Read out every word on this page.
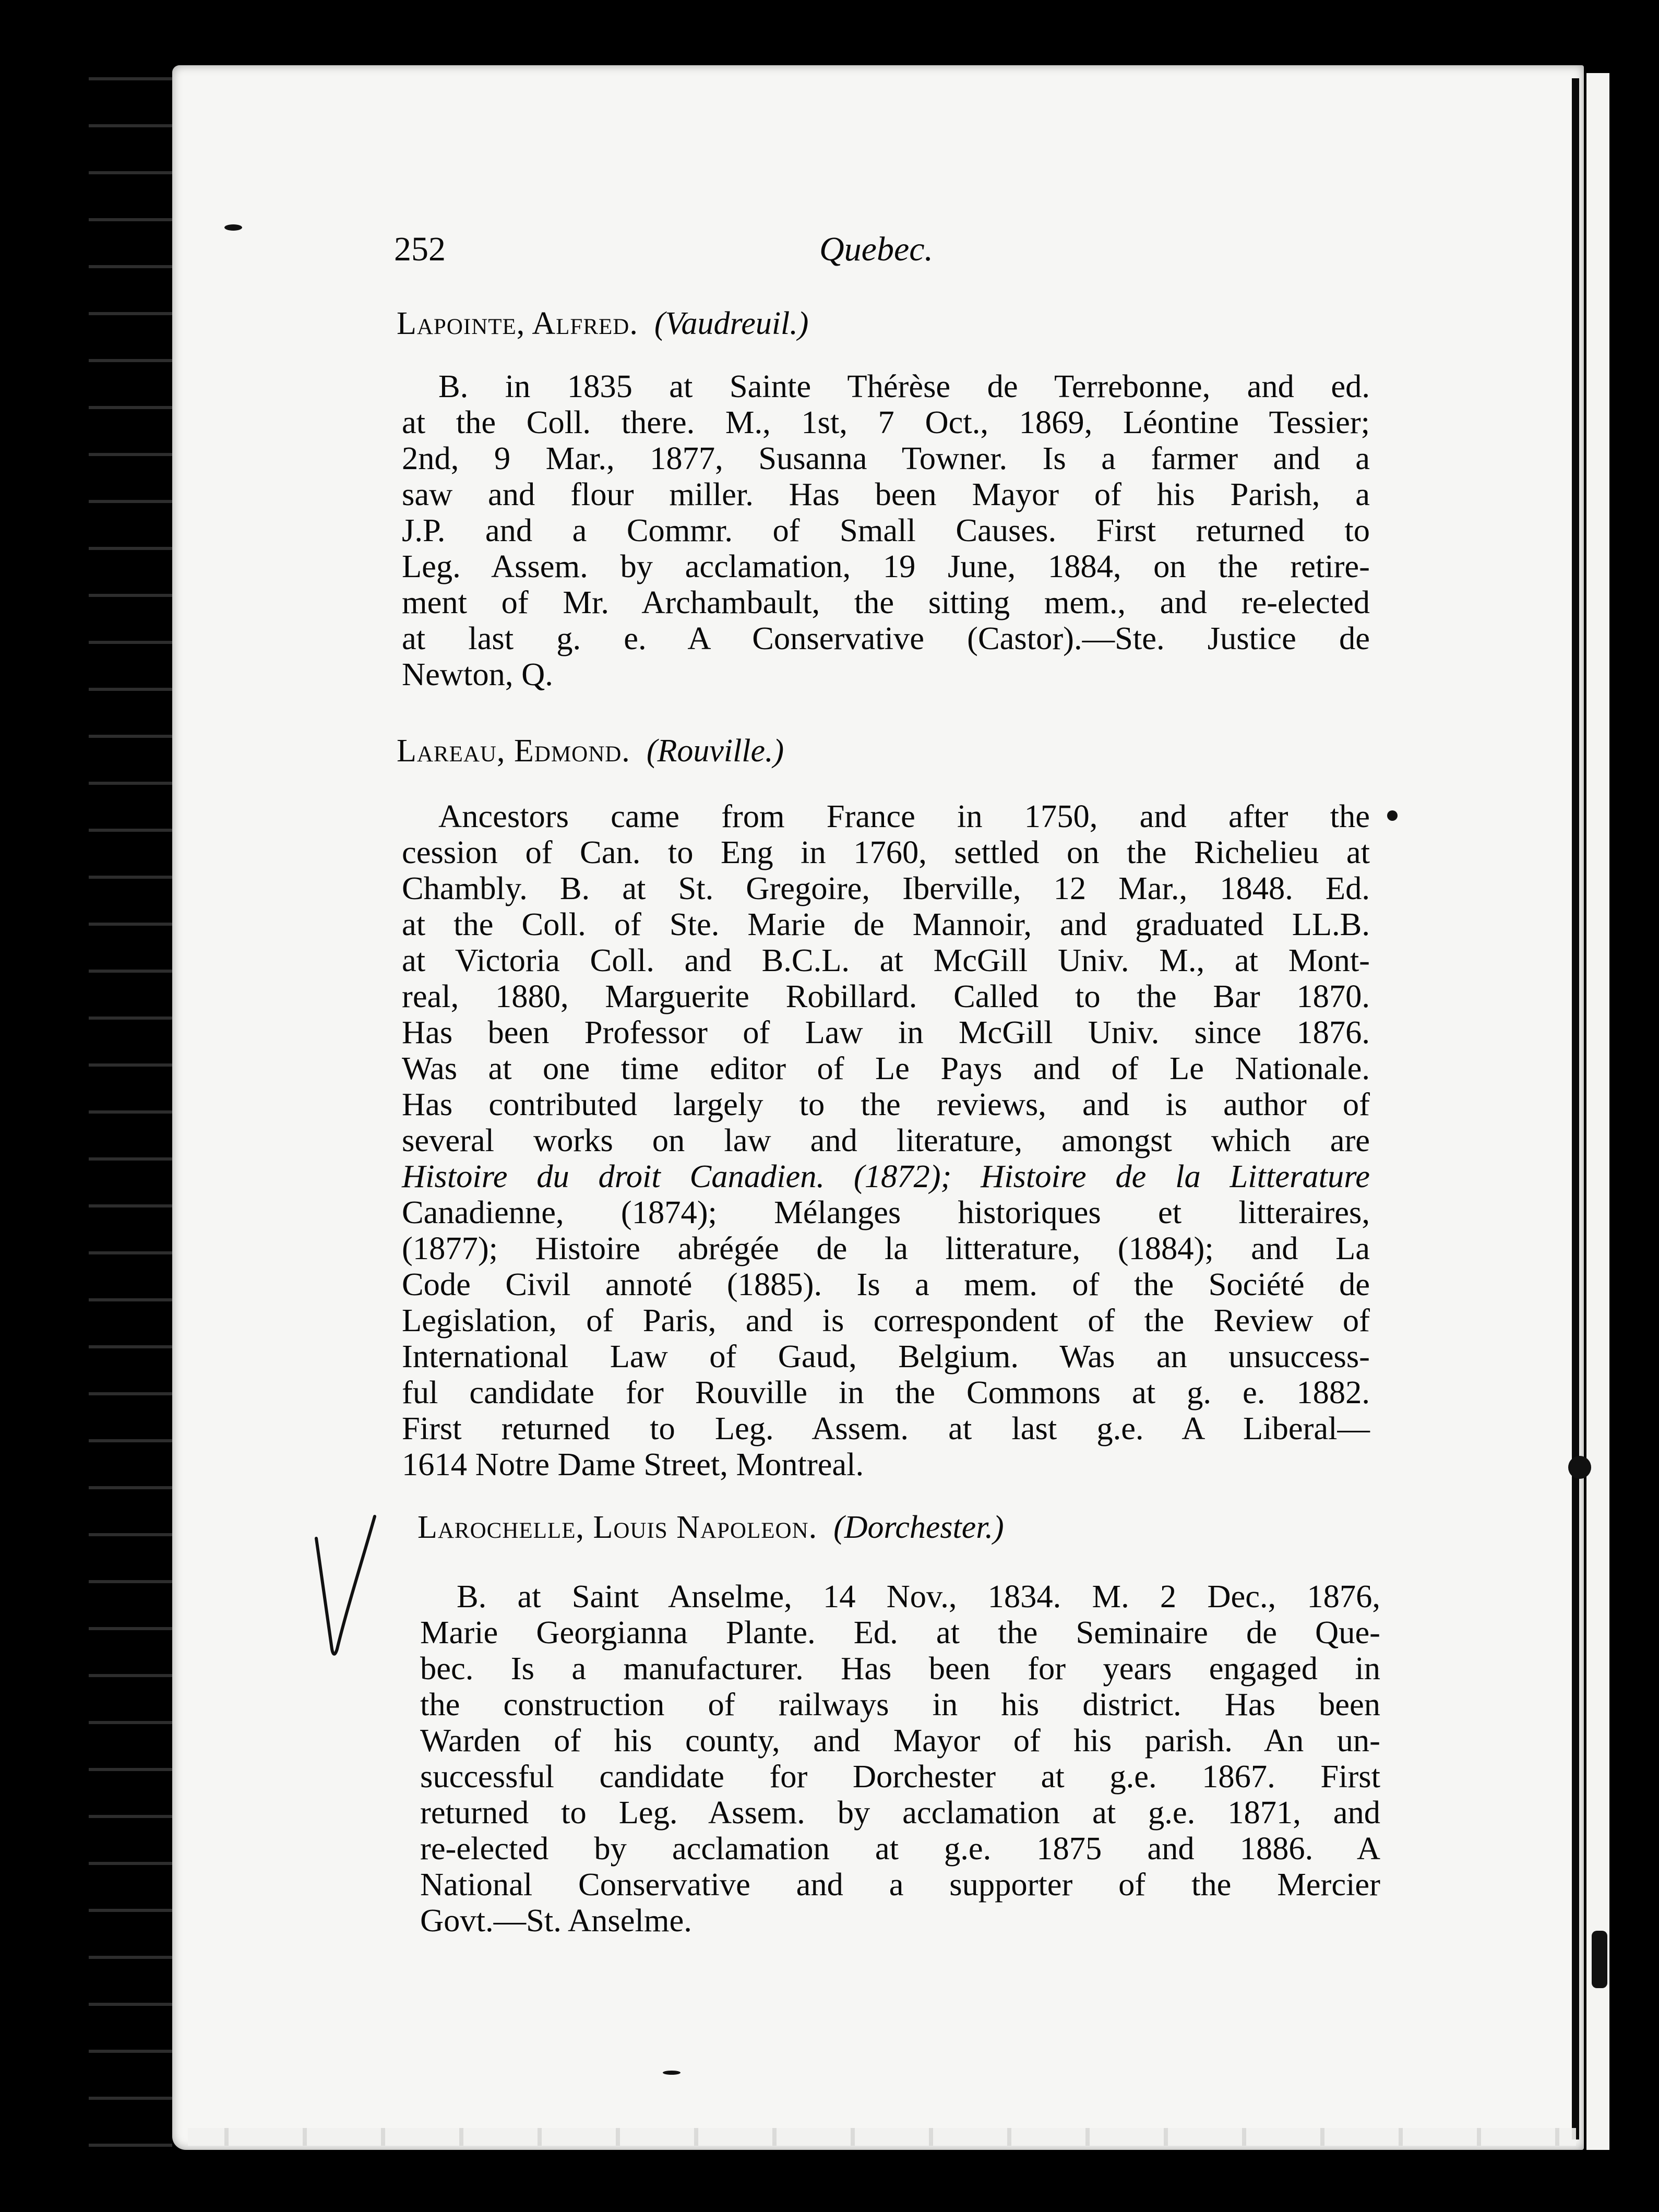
252	Quebec.
Lapointe, Alfred. (Vaudreuil.)
B. in 1835 at Sainte Thérèse de Terrebonne, and ed.
at the Coll. there. M., 1st, 7 Oct., 1869, Léontine Tessier;
2nd, 9 Mar., 1877, Susanna Towner. Is a farmer and a
saw and flour miller. Has been Mayor of his Parish, a
J.P. and a Commr. of Small Causes. First returned to
Leg. Assem. by acclamation, 19 June, 1884, on the retire-
ment of Mr. Archambault, the sitting mem., and re-elected
at last g. e. A Conservative (Castor).—Ste. Justice de
Newton, Q.
Lareau, Edmond. (Rouville.)
Ancestors came from France in 1750, and after the
cession of Can. to Eng in 1760, settled on the Richelieu at
Chambly. B. at St. Gregoire, Iberville, 12 Mar., 1848. Ed.
at the Coll. of Ste. Marie de Mannoir, and graduated LL.B.
at Victoria Coll. and B.C.L. at McGill Univ. M., at Mont-
real, 1880, Marguerite Robillard. Called to the Bar 1870.
Has been Professor of Law in McGill Univ. since 1876.
Was at one time editor of Le Pays and of Le Nationale.
Has contributed largely to the reviews, and is author of
several works on law and literature, amongst which are
Histoire du droit Canadien. (1872); Histoire de la Litterature
Canadienne, (1874); Mélanges historiques et litteraires,
(1877); Histoire abrégée de la litterature, (1884); and La
Code Civil annoté (1885). Is a mem. of the Société de
Legislation, of Paris, and is correspondent of the Review of
International Law of Gaud, Belgium. Was an unsuccess-
ful candidate for Rouville in the Commons at g. e. 1882.
First returned to Leg. Assem. at last g.e. A Liberal—
1614 Notre Dame Street, Montreal.
Larochelle, Louis Napoleon. (Dorchester.)
B. at Saint Anselme, 14 Nov., 1834. M. 2 Dec., 1876,
Marie Georgianna Plante. Ed. at the Seminaire de Que-
bec. Is a manufacturer. Has been for years engaged in
the construction of railways in his district. Has been
Warden of his county, and Mayor of his parish. An un-
successful candidate for Dorchester at g.e. 1867. First
returned to Leg. Assem. by acclamation at g.e. 1871, and
re-elected by acclamation at g.e. 1875 and 1886. A
National Conservative and a supporter of the Mercier
Govt.—St. Anselme.
